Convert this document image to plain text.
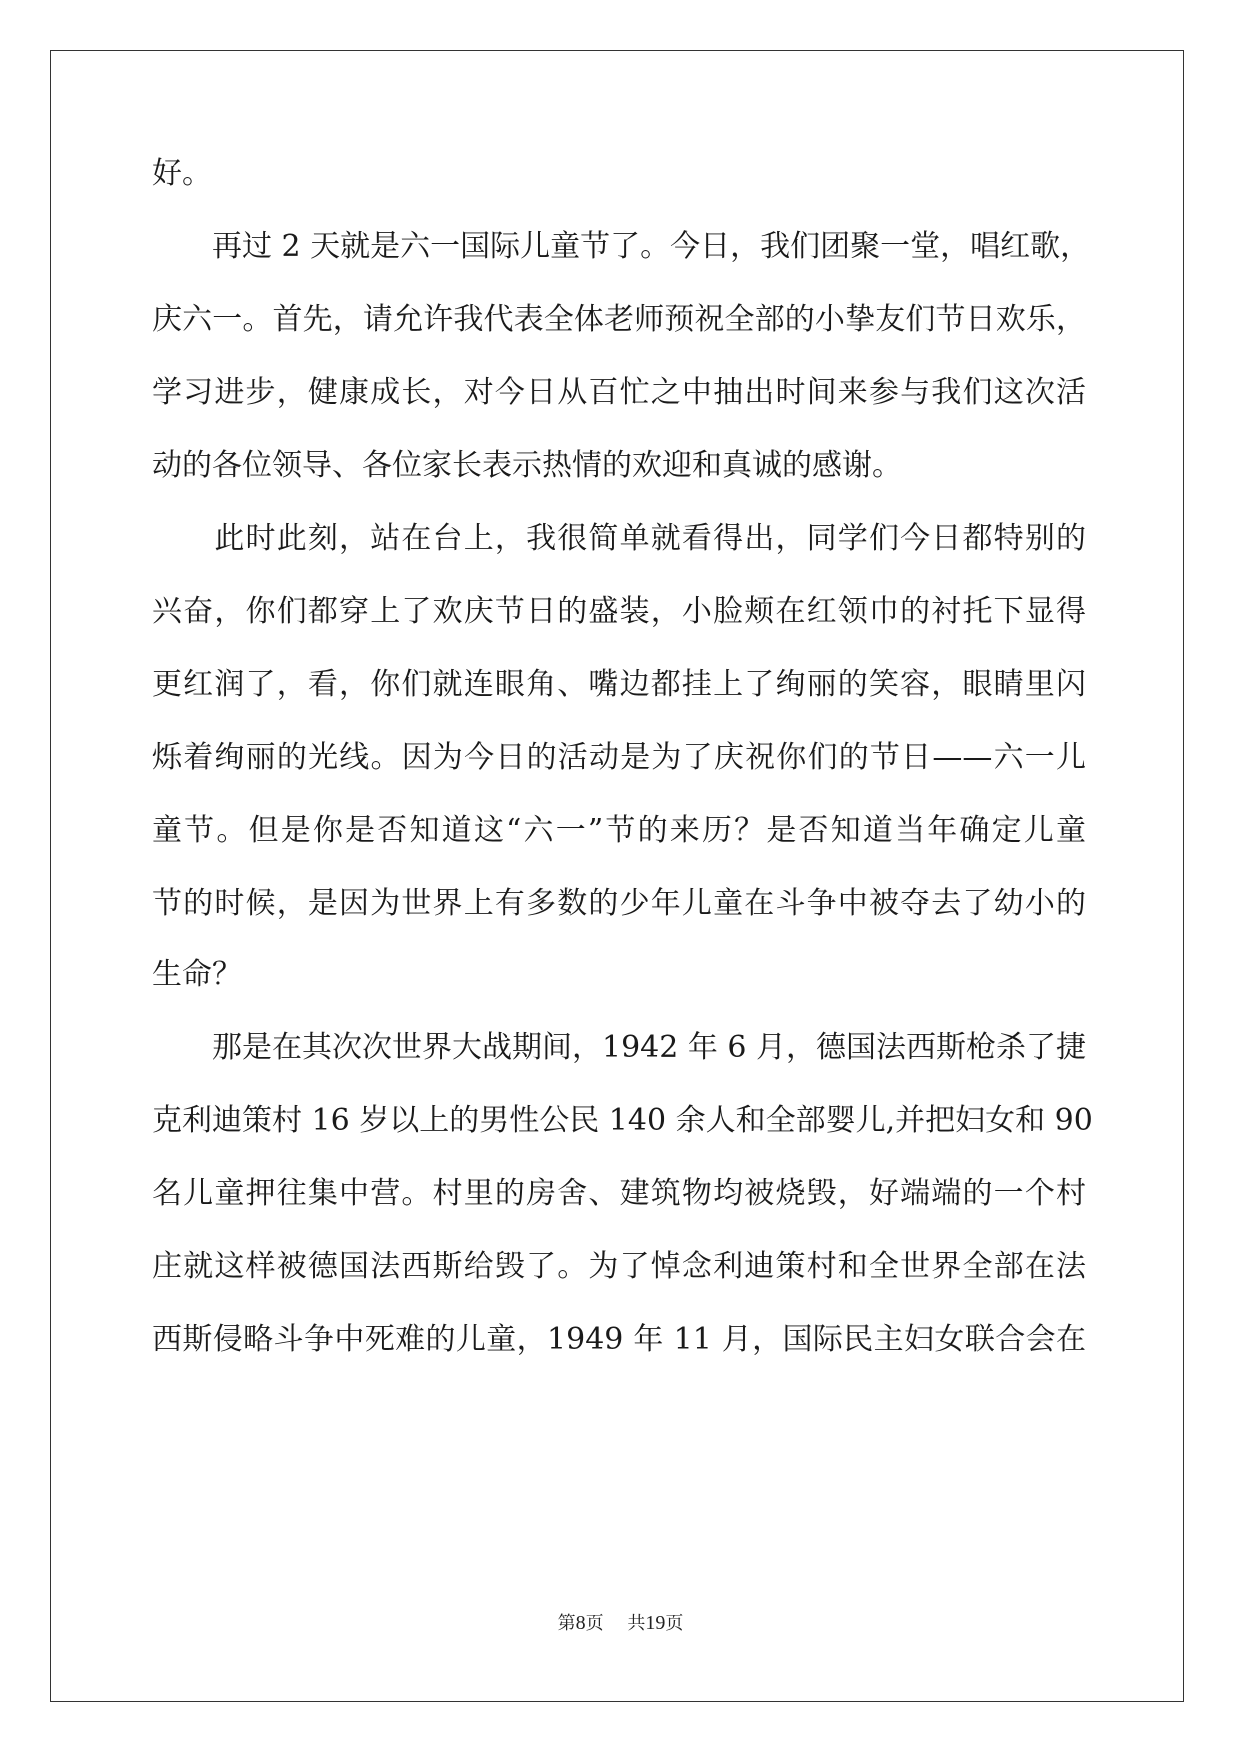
好。
　　再过 2 天就是六一国际儿童节了。今日，我们团聚一堂，唱红歌，
庆六一。首先，请允许我代表全体老师预祝全部的小挚友们节日欢乐，
学习进步，健康成长，对今日从百忙之中抽出时间来参与我们这次活
动的各位领导、各位家长表示热情的欢迎和真诚的感谢。
　　此时此刻，站在台上，我很简单就看得出，同学们今日都特别的
兴奋，你们都穿上了欢庆节日的盛装，小脸颊在红领巾的衬托下显得
更红润了，看，你们就连眼角、嘴边都挂上了绚丽的笑容，眼睛里闪
烁着绚丽的光线。因为今日的活动是为了庆祝你们的节日——六一儿
童节。但是你是否知道这“六一”节的来历？是否知道当年确定儿童
节的时候，是因为世界上有多数的少年儿童在斗争中被夺去了幼小的
生命？
　　那是在其次次世界大战期间，1942 年 6 月，德国法西斯枪杀了捷
克利迪策村 16 岁以上的男性公民 140 余人和全部婴儿,并把妇女和 90
名儿童押往集中营。村里的房舍、建筑物均被烧毁，好端端的一个村
庄就这样被德国法西斯给毁了。为了悼念利迪策村和全世界全部在法
西斯侵略斗争中死难的儿童，1949 年 11 月，国际民主妇女联合会在
第8页　 共19页
